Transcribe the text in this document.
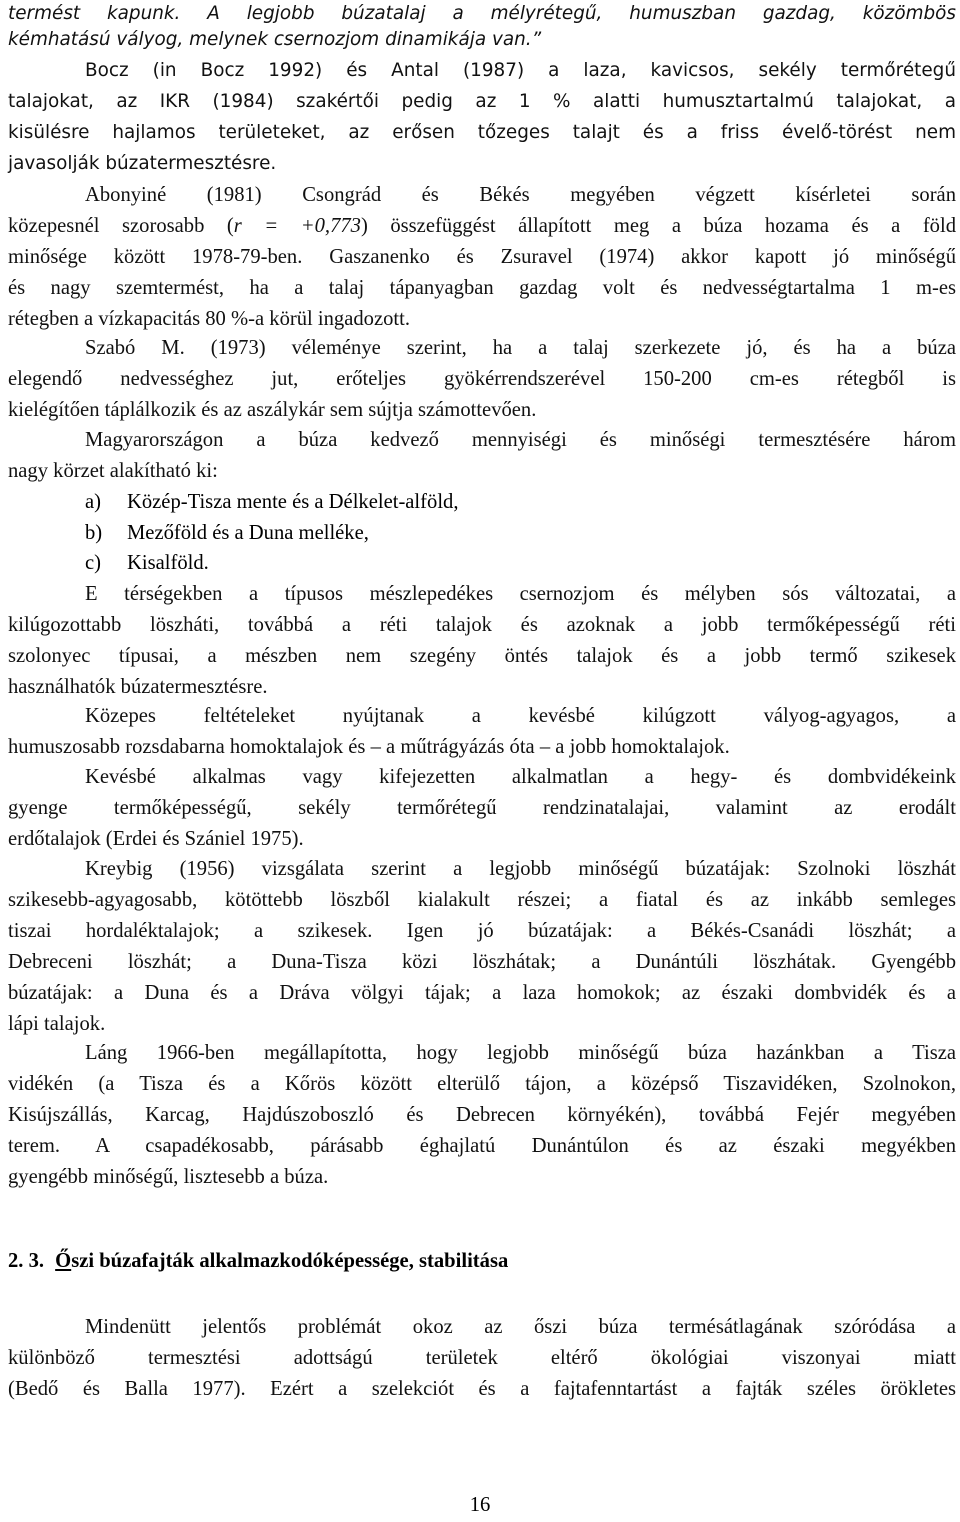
termést kapunk. A legjobb búzatalaj a mélyrétegű, humuszban gazdag, közömbös
kémhatású vályog, melynek csernozjom dinamikája van.”
Bocz (in Bocz 1992) és Antal (1987) a laza, kavicsos, sekély termőrétegű
talajokat, az IKR (1984) szakértői pedig az 1 % alatti humusztartalmú talajokat, a
kisülésre hajlamos területeket, az erősen tőzeges talajt és a friss évelő-törést nem
javasolják búzatermesztésre.
Abonyiné (1981) Csongrád és Békés megyében végzett kísérletei során
közepesnél szorosabb (r = +0,773) összefüggést állapított meg a búza hozama és a föld
minősége között 1978-79-ben. Gaszanenko és Zsuravel (1974) akkor kapott jó minőségű
és nagy szemtermést, ha a talaj tápanyagban gazdag volt és nedvességtartalma 1 m-es
rétegben a vízkapacitás 80 %-a körül ingadozott.
Szabó M. (1973) véleménye szerint, ha a talaj szerkezete jó, és ha a búza
elegendő nedvességhez jut, erőteljes gyökérrendszerével 150-200 cm-es rétegből is
kielégítően táplálkozik és az aszálykár sem sújtja számottevően.
Magyarországon a búza kedvező mennyiségi és minőségi termesztésére három
nagy körzet alakítható ki:
a) Közép-Tisza mente és a Délkelet-alföld,
b) Mezőföld és a Duna melléke,
c) Kisalföld.
E térségekben a típusos mészlepedékes csernozjom és mélyben sós változatai, a
kilúgozottabb löszháti, továbbá a réti talajok és azoknak a jobb termőképességű réti
szolonyec típusai, a mészben nem szegény öntés talajok és a jobb termő szikesek
használhatók búzatermesztésre.
Közepes feltételeket nyújtanak a kevésbé kilúgzott vályog-agyagos, a
humuszosabb rozsdabarna homoktalajok és – a műtrágyázás óta – a jobb homoktalajok.
Kevésbé alkalmas vagy kifejezetten alkalmatlan a hegy- és dombvidékeink
gyenge termőképességű, sekély termőrétegű rendzinatalajai, valamint az erodált
erdőtalajok (Erdei és Szániel 1975).
Kreybig (1956) vizsgálata szerint a legjobb minőségű búzatájak: Szolnoki löszhát
szikesebb-agyagosabb, kötöttebb löszből kialakult részei; a fiatal és az inkább semleges
tiszai hordaléktalajok; a szikesek. Igen jó búzatájak: a Békés-Csanádi löszhát; a
Debreceni löszhát; a Duna-Tisza közi löszhátak; a Dunántúli löszhátak. Gyengébb
búzatájak: a Duna és a Dráva völgyi tájak; a laza homokok; az északi dombvidék és a
lápi talajok.
Láng 1966-ben megállapította, hogy legjobb minőségű búza hazánkban a Tisza
vidékén (a Tisza és a Kőrös között elterülő tájon, a középső Tiszavidéken, Szolnokon,
Kisújszállás, Karcag, Hajdúszoboszló és Debrecen környékén), továbbá Fejér megyében
terem. A csapadékosabb, párásabb éghajlatú Dunántúlon és az északi megyékben
gyengébb minőségű, lisztesebb a búza.
2. 3. Őszi búzafajták alkalmazkodóképessége, stabilitása
Mindenütt jelentős problémát okoz az őszi búza termésátlagának szóródása a
különböző termesztési adottságú területek eltérő ökológiai viszonyai miatt
(Bedő és Balla 1977). Ezért a szelekciót és a fajtafenntartást a fajták széles örökletes
16
